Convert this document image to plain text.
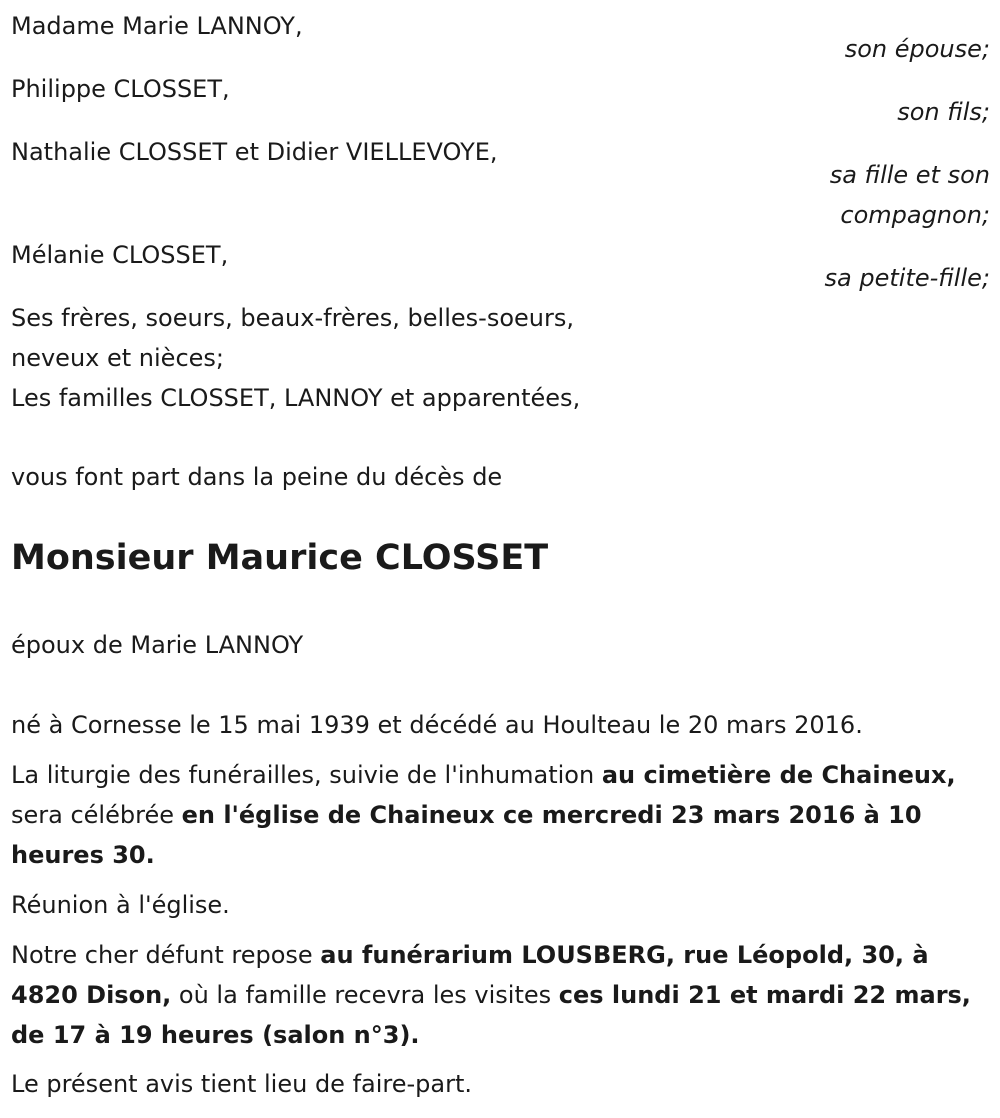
Madame Marie LANNOY,
son épouse;
Philippe CLOSSET,
son fils;
Nathalie CLOSSET et Didier VIELLEVOYE,
sa fille et son
compagnon;
Mélanie CLOSSET,
sa petite-fille;
Ses frères, soeurs, beaux-frères, belles-soeurs,
neveux et nièces;
Les familles CLOSSET, LANNOY et apparentées,
vous font part dans la peine du décès de
Monsieur Maurice CLOSSET
époux de Marie LANNOY
né à Cornesse le 15 mai 1939 et décédé au Houlteau le 20 mars 2016.
La liturgie des funérailles, suivie de l'inhumation au cimetière de Chaineux, sera célébrée en l'église de Chaineux ce mercredi 23 mars 2016 à 10 heures 30.
Réunion à l'église.
Notre cher défunt repose au funérarium LOUSBERG, rue Léopold, 30, à 4820 Dison, où la famille recevra les visites ces lundi 21 et mardi 22 mars, de 17 à 19 heures (salon n°3).
Le présent avis tient lieu de faire-part.
